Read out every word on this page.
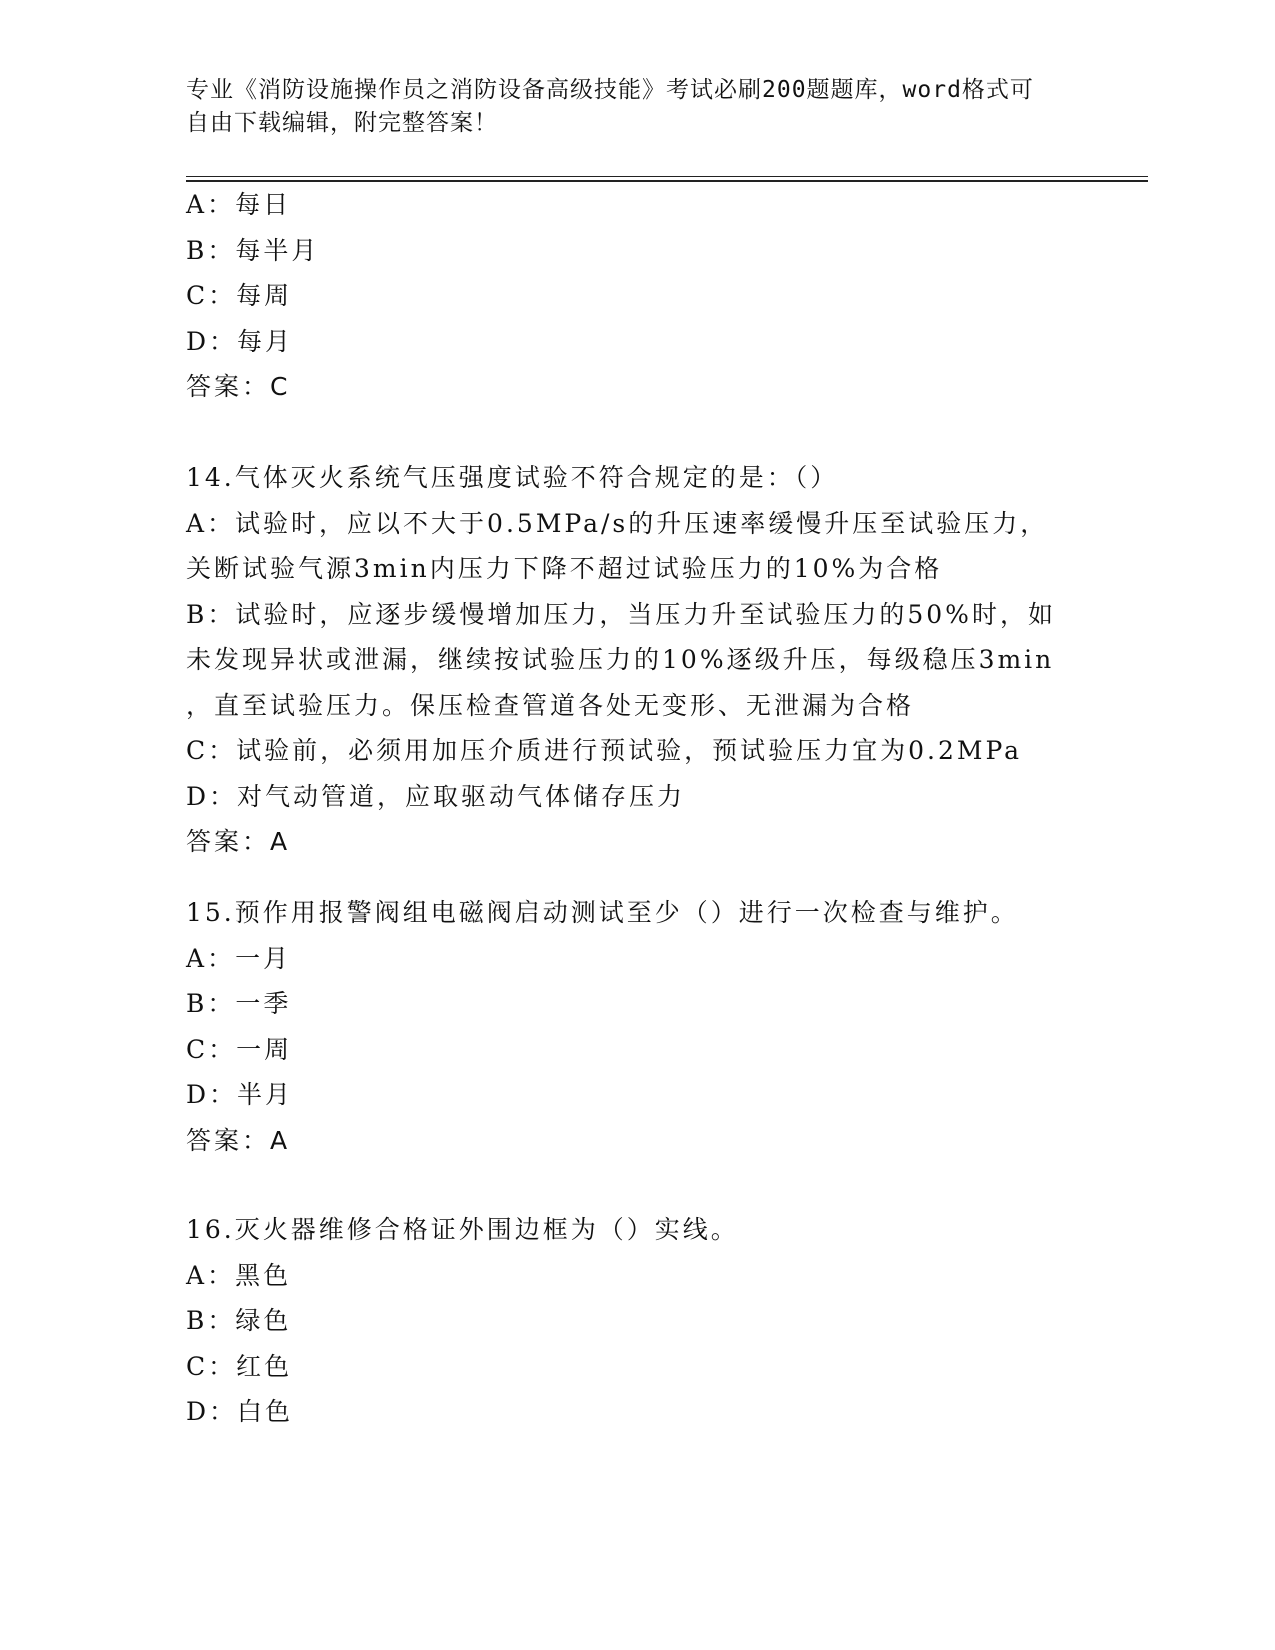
专业《消防设施操作员之消防设备高级技能》考试必刷200题题库，word格式可
自由下载编辑，附完整答案！
A：每日
B：每半月
C：每周
D：每月
答案：C
14.气体灭火系统气压强度试验不符合规定的是：（）
A：试验时，应以不大于0.5MPa/s的升压速率缓慢升压至试验压力，
关断试验气源3min内压力下降不超过试验压力的10%为合格
B：试验时，应逐步缓慢增加压力，当压力升至试验压力的50%时，如
未发现异状或泄漏，继续按试验压力的10%逐级升压，每级稳压3min
，直至试验压力。保压检查管道各处无变形、无泄漏为合格
C：试验前，必须用加压介质进行预试验，预试验压力宜为0.2MPa
D：对气动管道，应取驱动气体储存压力
答案：A
15.预作用报警阀组电磁阀启动测试至少（）进行一次检查与维护。
A：一月
B：一季
C：一周
D：半月
答案：A
16.灭火器维修合格证外围边框为（）实线。
A：黑色
B：绿色
C：红色
D：白色
